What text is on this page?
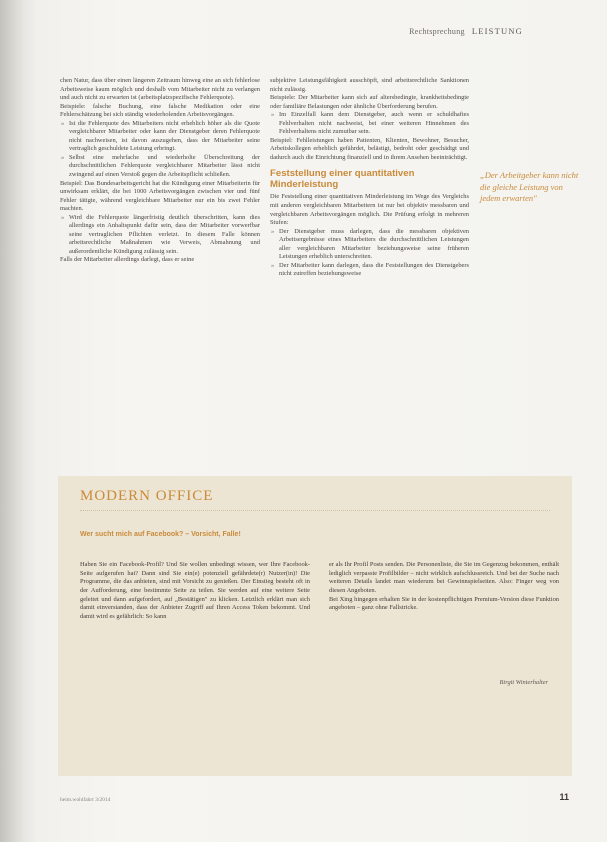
Rechtsprechung LEISTUNG

chen Natur, dass über einen längeren Zeitraum hinweg eine an sich fehlerlose Arbeitsweise kaum möglich und deshalb vom Mitarbeiter nicht zu verlangen und auch nicht zu erwarten ist (arbeitsplatzspezifische Fehlerquote).

Beispiele: falsche Buchung, eine falsche Medikation oder eine Fehlerschätzung bei sich ständig wiederholenden Arbeitsvorgängen.

» Ist die Fehlerquote des Mitarbeiters nicht erheblich höher als die Quote vergleichbarer Mitarbeiter oder kann der Dienstgeber deren Fehlerquote nicht nachweisen, ist davon auszugehen, dass der Mitarbeiter seine vertraglich geschuldete Leistung erbringt.
» Selbst eine mehrfache und wiederholte Überschreitung der durchschnittlichen Fehlerquote vergleichbarer Mitarbeiter lässt nicht zwingend auf einen Verstoß gegen die Arbeitspflicht schließen.

Beispiel: Das Bundesarbeitsgericht hat die Kündigung einer Mitarbeiterin für unwirksam erklärt, die bei 1000 Arbeitsvorgängen zwischen vier und fünf Fehler tätigte, während vergleichbare Mitarbeiter nur ein bis zwei Fehler machten.

» Wird die Fehlerquote längerfristig deutlich überschritten, kann dies allerdings ein Anhaltspunkt dafür sein, dass der Mitarbeiter vorwerfbar seine vertraglichen Pflichten verletzt. In diesem Falle können arbeitsrechtliche Maßnahmen wie Verweis, Abmahnung und außerordentliche Kündigung zulässig sein.

Falls der Mitarbeiter allerdings darlegt, dass er seine

subjektive Leistungsfähigkeit ausschöpft, sind arbeitsrechtliche Sanktionen nicht zulässig.

Beispiele: Der Mitarbeiter kann sich auf altersbedingte, krankheitsbedingte oder familiäre Belastungen oder ähnliche Überforderung berufen.

» Im Einzelfall kann dem Dienstgeber, auch wenn er schuldhaftes Fehlverhalten nicht nachweist, bei einer weiteren Hinnehmen des Fehlverhaltens nicht zumutbar sein.

Beispiel: Fehlleistungen haben Patienten, Klienten, Bewohner, Besucher, Arbeitskollegen erheblich gefährdet, belästigt, bedroht oder geschädigt und dadurch auch die Einrichtung finanziell und in ihrem Ansehen beeinträchtigt.

Feststellung einer quantitativen Minderleistung

Die Feststellung einer quantitativen Minderleistung im Wege des Vergleichs mit anderen vergleichbaren Mitarbeitern ist nur bei objektiv messbaren und vergleichbaren Arbeitsvorgängen möglich. Die Prüfung erfolgt in mehreren Stufen:

» Der Dienstgeber muss darlegen, dass die messbaren objektiven Arbeitsergebnisse eines Mitarbeiters die durchschnittlichen Leistungen aller vergleichbaren Mitarbeiter beziehungsweise seine früheren Leistungen erheblich unterschreiten.
» Der Mitarbeiter kann darlegen, dass die Feststellungen des Dienstgebers nicht zutreffen beziehungsweise
„Der Arbeitgeber kann nicht die gleiche Leistung von jedem erwarten"
MODERN OFFICE
Wer sucht mich auf Facebook? – Vorsicht, Falle!

Haben Sie ein Facebook-Profil? Und Sie wollen unbedingt wissen, wer Ihre Facebook-Seite aufgerufen hat? Dann sind Sie ein(e) potenziell gefährdete(r) Nutzer(in)! Die Programme, die das anbieten, sind mit Vorsicht zu genießen. Der Einstieg besteht oft in der Aufforderung, eine bestimmte Seite zu teilen. Sie werden auf eine weitere Seite geleitet und dann aufgefordert, auf „Bestätigen" zu klicken. Letztlich erklärt man sich damit einverstanden, dass der Anbieter Zugriff auf Ihren Access Token bekommt. Und damit wird es gefährlich: So kann

er als Ihr Profil Posts senden. Die Personenliste, die Sie im Gegenzug bekommen, enthält lediglich verpasste Profilbilder – nicht wirklich aufschlussreich. Und bei der Suche nach weiteren Details landet man wiederum bei Gewinnspielseiten. Also: Finger weg von diesen Angeboten.

Bei Xing hingegen erhalten Sie in der kostenpflichtigen Premium-Version diese Funktion angeboten – ganz ohne Fallstricke.

Birgit Winterhalter
heim.wohlfahrt 3/2014	11
